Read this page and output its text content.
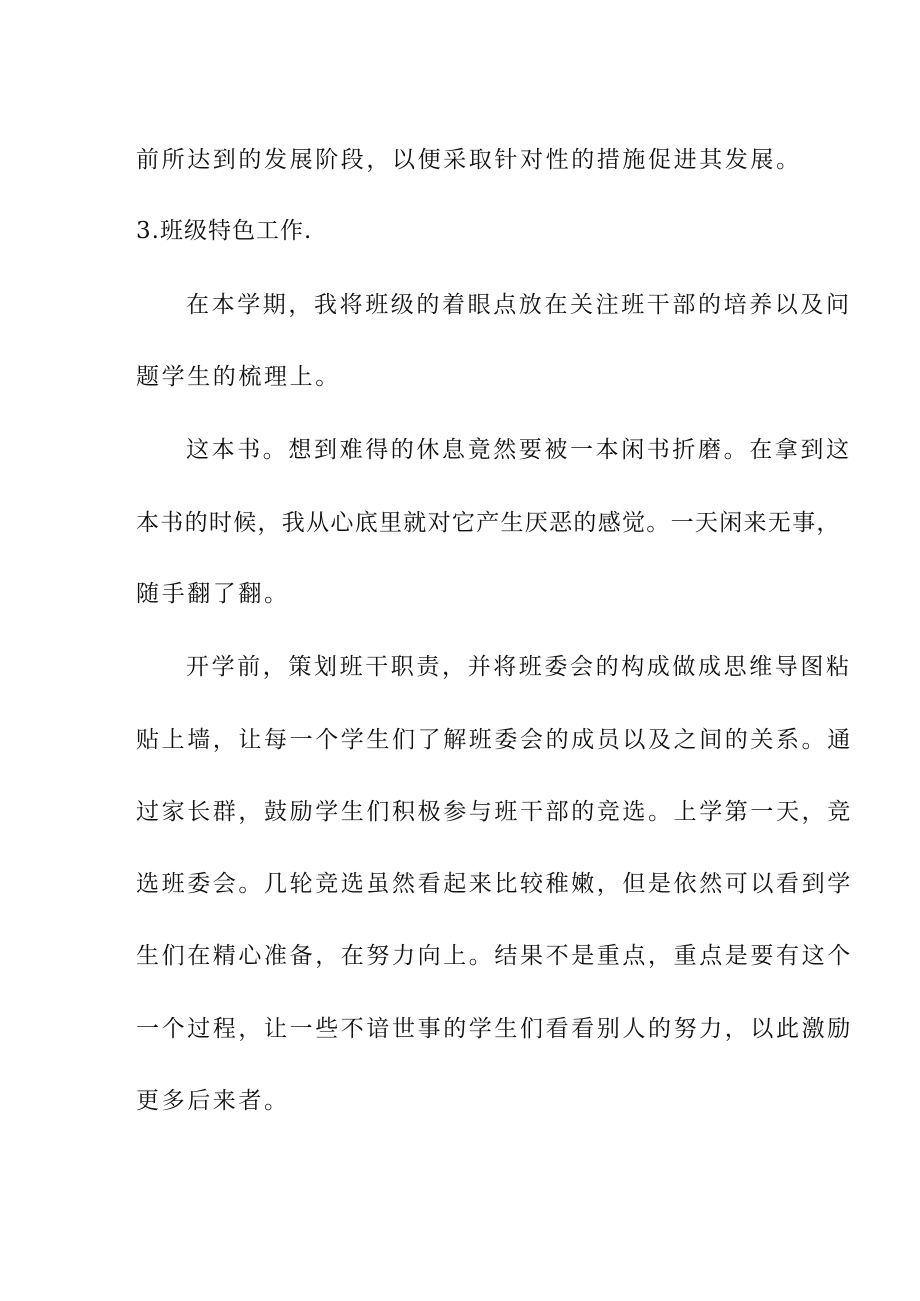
前所达到的发展阶段，以便采取针对性的措施促进其发展。
3.班级特色工作.
在本学期，我将班级的着眼点放在关注班干部的培养以及问
题学生的梳理上。
这本书。想到难得的休息竟然要被一本闲书折磨。在拿到这
本书的时候，我从心底里就对它产生厌恶的感觉。一天闲来无事，
随手翻了翻。
开学前，策划班干职责，并将班委会的构成做成思维导图粘
贴上墙，让每一个学生们了解班委会的成员以及之间的关系。通
过家长群，鼓励学生们积极参与班干部的竞选。上学第一天，竞
选班委会。几轮竞选虽然看起来比较稚嫩，但是依然可以看到学
生们在精心准备，在努力向上。结果不是重点，重点是要有这个
一个过程，让一些不谙世事的学生们看看别人的努力，以此激励
更多后来者。
